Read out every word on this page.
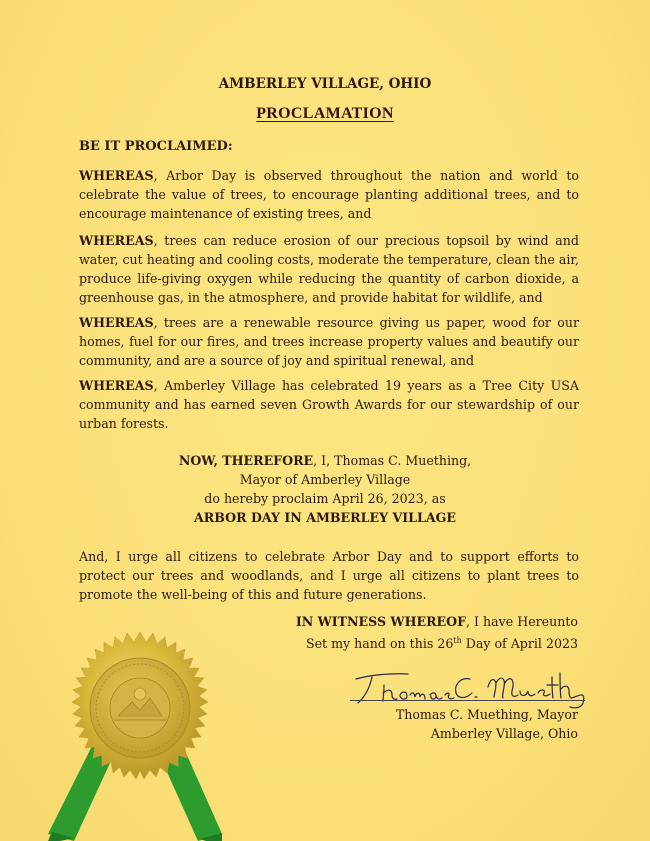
AMBERLEY VILLAGE, OHIO
PROCLAMATION
BE IT PROCLAIMED:
WHEREAS, Arbor Day is observed throughout the nation and world to celebrate the value of trees, to encourage planting additional trees, and to encourage maintenance of existing trees, and
WHEREAS, trees can reduce erosion of our precious topsoil by wind and water, cut heating and cooling costs, moderate the temperature, clean the air, produce life-giving oxygen while reducing the quantity of carbon dioxide, a greenhouse gas, in the atmosphere, and provide habitat for wildlife, and
WHEREAS, trees are a renewable resource giving us paper, wood for our homes, fuel for our fires, and trees increase property values and beautify our community, and are a source of joy and spiritual renewal, and
WHEREAS, Amberley Village has celebrated 19 years as a Tree City USA community and has earned seven Growth Awards for our stewardship of our urban forests.
NOW, THEREFORE, I, Thomas C. Muething,
Mayor of Amberley Village
do hereby proclaim April 26, 2023, as
ARBOR DAY IN AMBERLEY VILLAGE
And, I urge all citizens to celebrate Arbor Day and to support efforts to protect our trees and woodlands, and I urge all citizens to plant trees to promote the well-being of this and future generations.
IN WITNESS WHEREOF, I have Hereunto
Set my hand on this 26th Day of April 2023
Thomas C. Muething, Mayor
Amberley Village, Ohio
